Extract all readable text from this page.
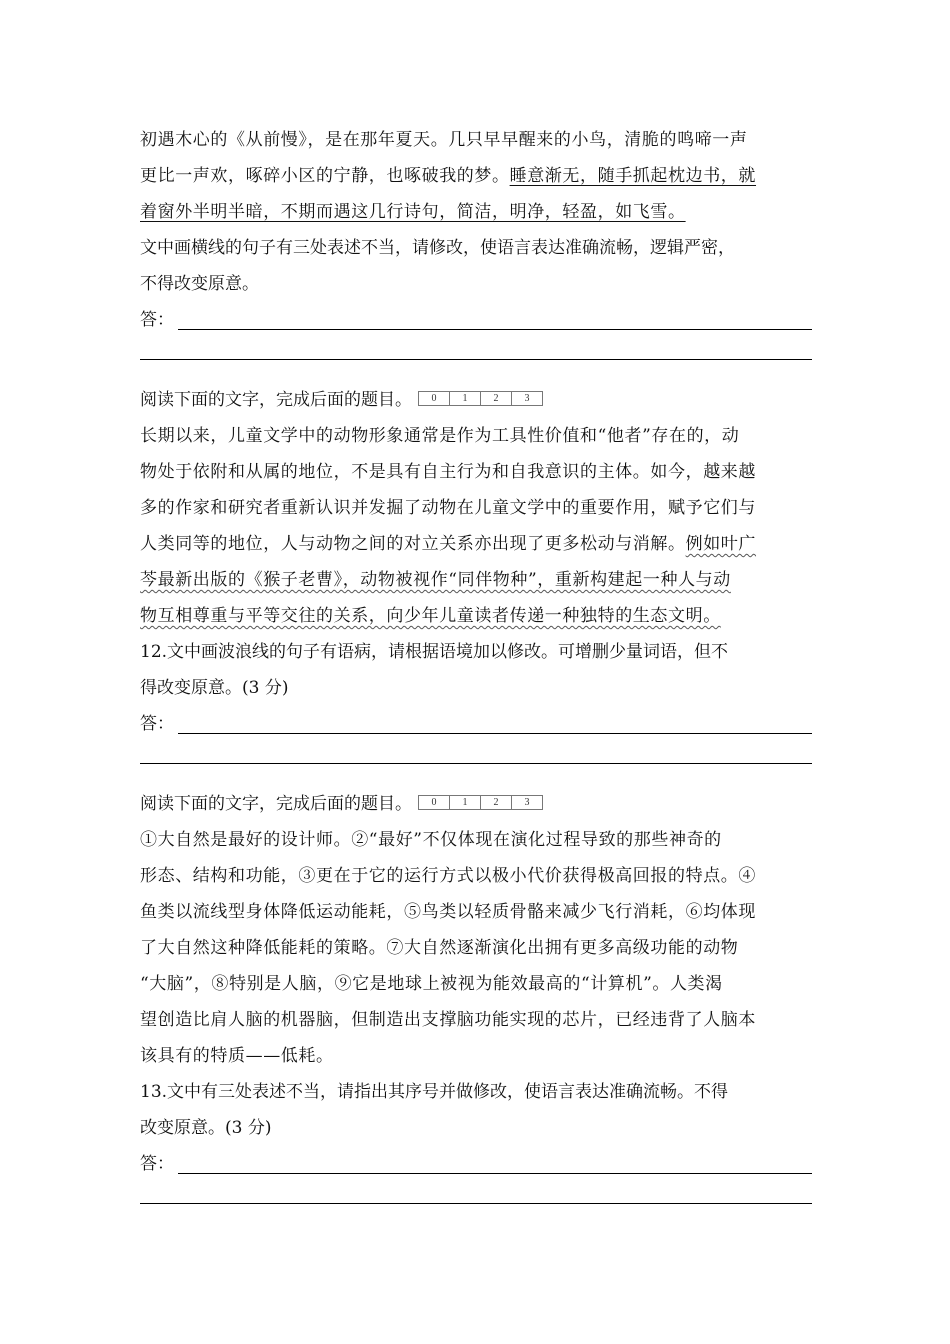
初遇木心的《从前慢》，是在那年夏天。几只早早醒来的小鸟，清脆的鸣啼一声
更比一声欢，啄碎小区的宁静，也啄破我的梦。睡意渐无，随手抓起枕边书，就
着窗外半明半暗，不期而遇这几行诗句，简洁，明净，轻盈，如飞雪。
文中画横线的句子有三处表述不当，请修改，使语言表达准确流畅，逻辑严密，
不得改变原意。
答：
阅读下面的文字，完成后面的题目。	0	1	2	3
长期以来，儿童文学中的动物形象通常是作为工具性价值和“他者”存在的，动
物处于依附和从属的地位，不是具有自主行为和自我意识的主体。如今，越来越
多的作家和研究者重新认识并发掘了动物在儿童文学中的重要作用，赋予它们与
人类同等的地位，人与动物之间的对立关系亦出现了更多松动与消解。例如叶广
芩最新出版的《猴子老曹》，动物被视作“同伴物种”，重新构建起一种人与动
物互相尊重与平等交往的关系，向少年儿童读者传递一种独特的生态文明。
12.文中画波浪线的句子有语病，请根据语境加以修改。可增删少量词语，但不
得改变原意。(3 分)
答：
阅读下面的文字，完成后面的题目。	0	1	2	3
①大自然是最好的设计师。②“最好”不仅体现在演化过程导致的那些神奇的
形态、结构和功能，③更在于它的运行方式以极小代价获得极高回报的特点。④
鱼类以流线型身体降低运动能耗，⑤鸟类以轻质骨骼来减少飞行消耗，⑥均体现
了大自然这种降低能耗的策略。⑦大自然逐渐演化出拥有更多高级功能的动物
“大脑”，⑧特别是人脑，⑨它是地球上被视为能效最高的“计算机”。人类渴
望创造比肩人脑的机器脑，但制造出支撑脑功能实现的芯片，已经违背了人脑本
该具有的特质——低耗。
13.文中有三处表述不当，请指出其序号并做修改，使语言表达准确流畅。不得
改变原意。(3 分)
答：
